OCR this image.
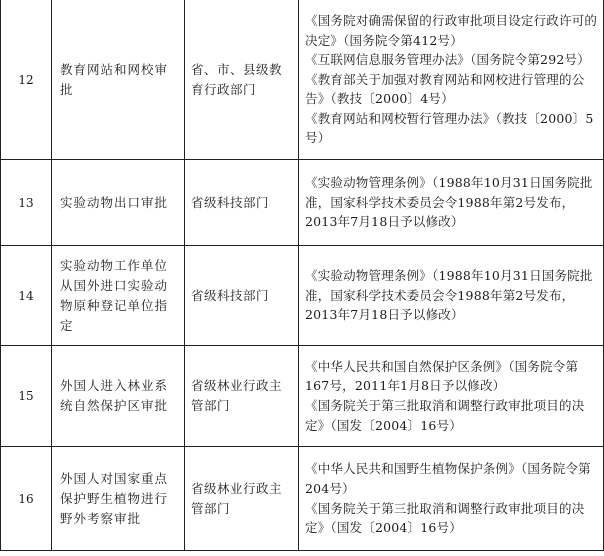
12	教育网站和网校审批	省、市、县级教育行政部门	《国务院对确需保留的行政审批项目设定行政许可的决定》（国务院令第412号）
《互联网信息服务管理办法》（国务院令第292号）
《教育部关于加强对教育网站和网校进行管理的公告》（教技〔2000〕4号）
《教育网站和网校暂行管理办法》（教技〔2000〕5号）

13	实验动物出口审批	省级科技部门	《实验动物管理条例》（1988年10月31日国务院批准，国家科学技术委员会令1988年第2号发布，2013年7月18日予以修改）

14	实验动物工作单位从国外进口实验动物原种登记单位指定	省级科技部门	《实验动物管理条例》（1988年10月31日国务院批准，国家科学技术委员会令1988年第2号发布，2013年7月18日予以修改）

15	外国人进入林业系统自然保护区审批	省级林业行政主管部门	《中华人民共和国自然保护区条例》（国务院令第167号，2011年1月8日予以修改）
《国务院关于第三批取消和调整行政审批项目的决定》（国发〔2004〕16号）

16	外国人对国家重点保护野生植物进行野外考察审批	省级林业行政主管部门	《中华人民共和国野生植物保护条例》（国务院令第204号）
《国务院关于第三批取消和调整行政审批项目的决定》（国发〔2004〕16号）
